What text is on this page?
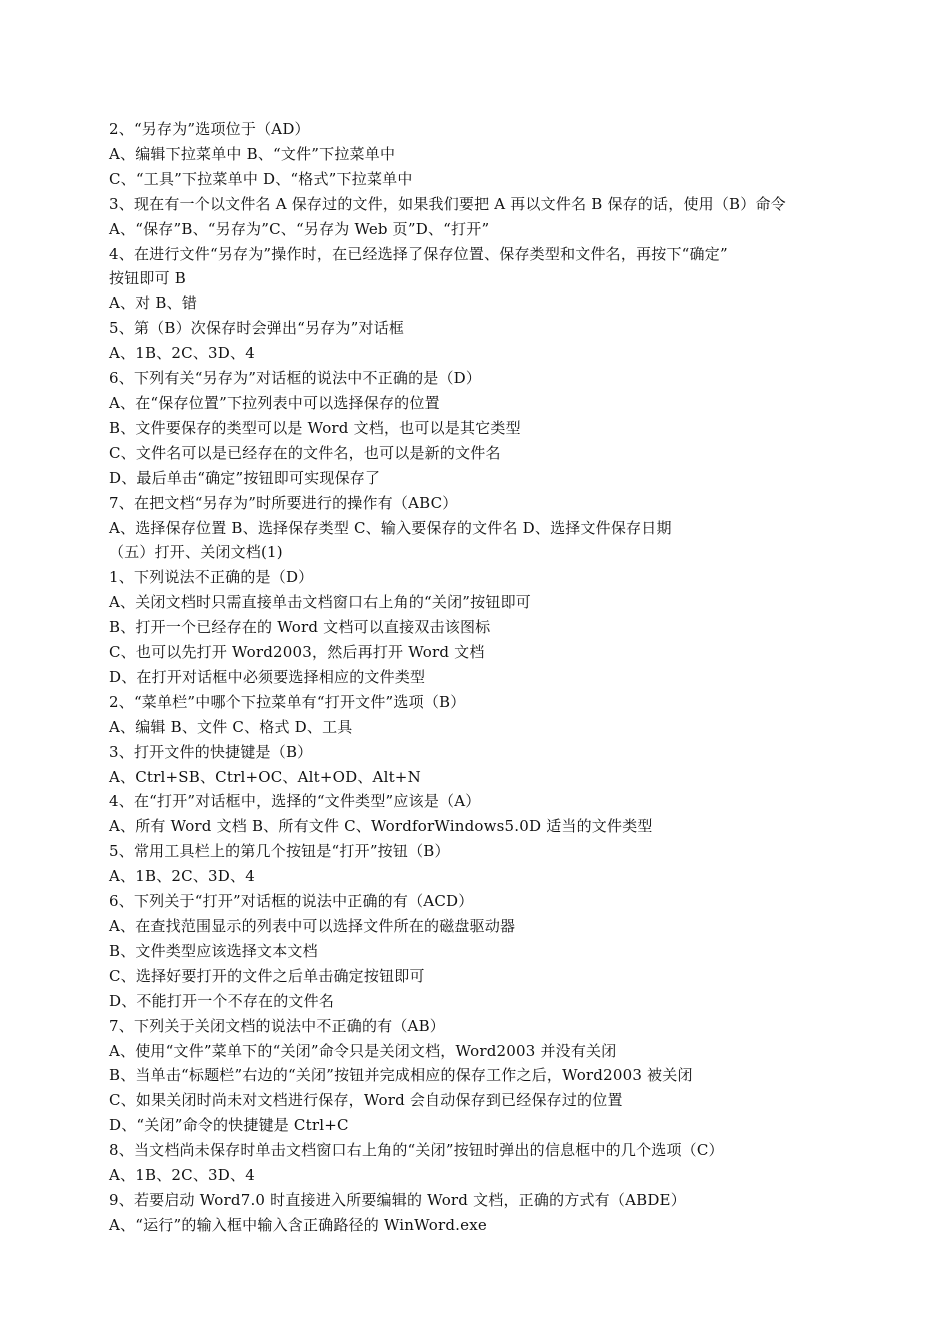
2、“另存为”选项位于（AD）
A、编辑下拉菜单中 B、“文件”下拉菜单中
C、“工具”下拉菜单中 D、“格式”下拉菜单中
3、现在有一个以文件名 A 保存过的文件，如果我们要把 A 再以文件名 B 保存的话，使用（B）命令
A、“保存”B、“另存为”C、“另存为 Web 页”D、“打开”
4、在进行文件“另存为”操作时，在已经选择了保存位置、保存类型和文件名，再按下“确定”
按钮即可 B
A、对 B、错
5、第（B）次保存时会弹出“另存为”对话框
A、1B、2C、3D、4
6、下列有关“另存为”对话框的说法中不正确的是（D）
A、在“保存位置”下拉列表中可以选择保存的位置
B、文件要保存的类型可以是 Word 文档，也可以是其它类型
C、文件名可以是已经存在的文件名，也可以是新的文件名
D、最后单击“确定”按钮即可实现保存了
7、在把文档“另存为”时所要进行的操作有（ABC）
A、选择保存位置 B、选择保存类型 C、输入要保存的文件名 D、选择文件保存日期
（五）打开、关闭文档(1)
1、下列说法不正确的是（D）
A、关闭文档时只需直接单击文档窗口右上角的“关闭”按钮即可
B、打开一个已经存在的 Word 文档可以直接双击该图标
C、也可以先打开 Word2003，然后再打开 Word 文档
D、在打开对话框中必须要选择相应的文件类型
2、“菜单栏”中哪个下拉菜单有“打开文件”选项（B）
A、编辑 B、文件 C、格式 D、工具
3、打开文件的快捷键是（B）
A、Ctrl+SB、Ctrl+OC、Alt+OD、Alt+N
4、在“打开”对话框中，选择的“文件类型”应该是（A）
A、所有 Word 文档 B、所有文件 C、WordforWindows5.0D 适当的文件类型
5、常用工具栏上的第几个按钮是“打开”按钮（B）
A、1B、2C、3D、4
6、下列关于“打开”对话框的说法中正确的有（ACD）
A、在查找范围显示的列表中可以选择文件所在的磁盘驱动器
B、文件类型应该选择文本文档
C、选择好要打开的文件之后单击确定按钮即可
D、不能打开一个不存在的文件名
7、下列关于关闭文档的说法中不正确的有（AB）
A、使用“文件”菜单下的“关闭”命令只是关闭文档，Word2003 并没有关闭
B、当单击“标题栏”右边的“关闭”按钮并完成相应的保存工作之后，Word2003 被关闭
C、如果关闭时尚未对文档进行保存，Word 会自动保存到已经保存过的位置
D、“关闭”命令的快捷键是 Ctrl+C
8、当文档尚未保存时单击文档窗口右上角的“关闭”按钮时弹出的信息框中的几个选项（C）
A、1B、2C、3D、4
9、若要启动 Word7.0 时直接进入所要编辑的 Word 文档，正确的方式有（ABDE）
A、“运行”的输入框中输入含正确路径的 WinWord.exe
